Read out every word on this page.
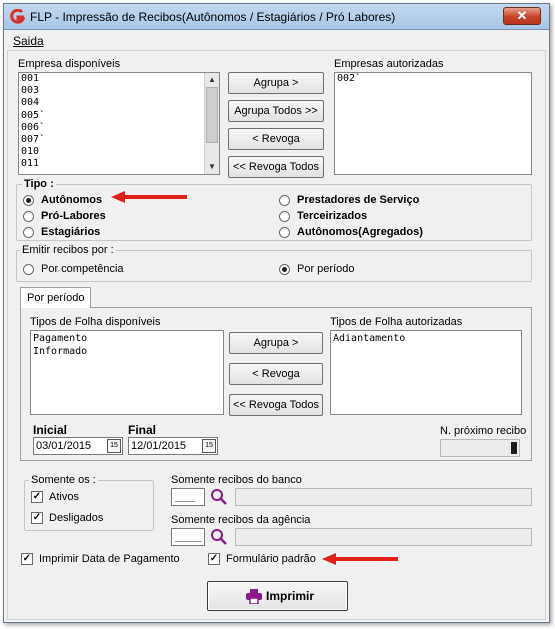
FLP - Impressão de Recibos(Autônomos / Estagiários / Pró Labores)	✕
Saida
Empresa disponíveis
001
003
004
005`
006`
007`
010
011
▲
▼
Agrupa >
Agrupa Todos >>
< Revoga
<< Revoga Todos
Empresas autorizadas
002`
Tipo :
Autônomos
Pró-Labores
Estagiários
Prestadores de Serviço
Terceirizados
Autônomos(Agregados)
Emitir recibos por :
Por competência	Por período
Por período
Tipos de Folha disponíveis
Pagamento
Informado
Agrupa >
< Revoga
<< Revoga Todos
Tipos de Folha autorizadas
Adiantamento
Inicial
03/01/2015	15
Final
12/01/2015	15
N. próximo recibo
Somente os :
✓ Ativos
✓ Desligados
Somente recibos do banco
___
Somente recibos da agência
____
✓ Imprimir Data de Pagamento	✓ Formulário padrão
Imprimir
